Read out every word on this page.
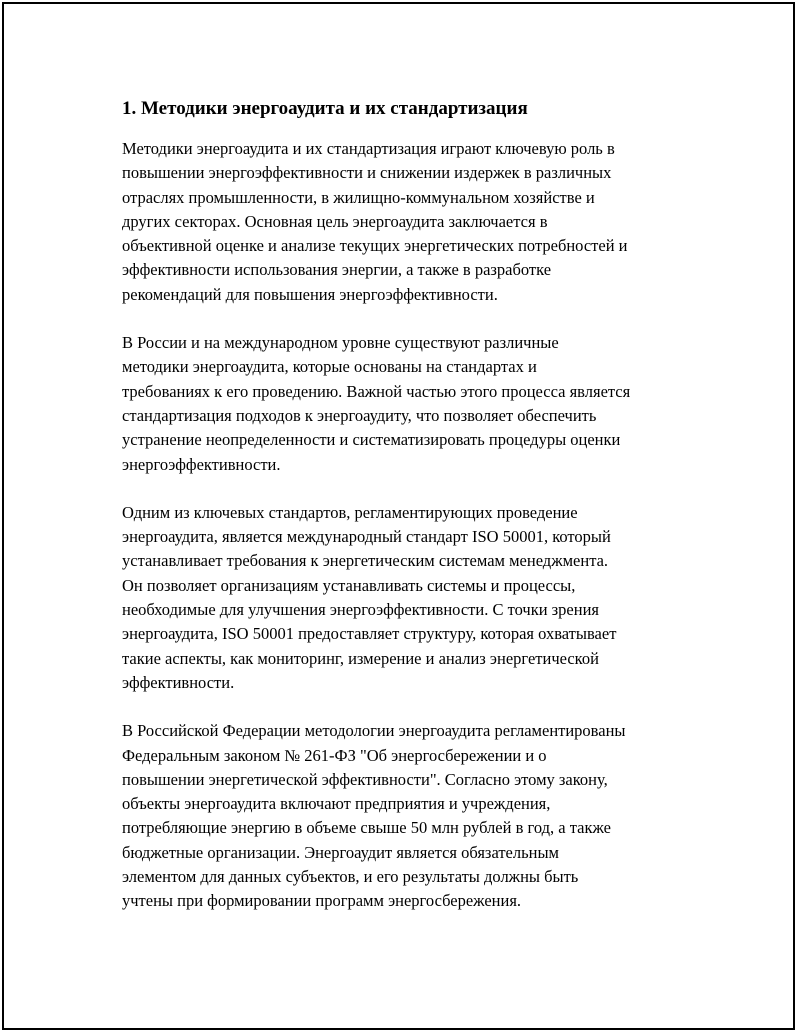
1. Методики энергоаудита и их стандартизация

Методики энергоаудита и их стандартизация играют ключевую роль в
повышении энергоэффективности и снижении издержек в различных
отраслях промышленности, в жилищно-коммунальном хозяйстве и
других секторах. Основная цель энергоаудита заключается в
объективной оценке и анализе текущих энергетических потребностей и
эффективности использования энергии, а также в разработке
рекомендаций для повышения энергоэффективности.

В России и на международном уровне существуют различные
методики энергоаудита, которые основаны на стандартах и
требованиях к его проведению. Важной частью этого процесса является
стандартизация подходов к энергоаудиту, что позволяет обеспечить
устранение неопределенности и систематизировать процедуры оценки
энергоэффективности.

Одним из ключевых стандартов, регламентирующих проведение
энергоаудита, является международный стандарт ISO 50001, который
устанавливает требования к энергетическим системам менеджмента.
Он позволяет организациям устанавливать системы и процессы,
необходимые для улучшения энергоэффективности. С точки зрения
энергоаудита, ISO 50001 предоставляет структуру, которая охватывает
такие аспекты, как мониторинг, измерение и анализ энергетической
эффективности.

В Российской Федерации методологии энергоаудита регламентированы
Федеральным законом № 261-ФЗ "Об энергосбережении и о
повышении энергетической эффективности". Согласно этому закону,
объекты энергоаудита включают предприятия и учреждения,
потребляющие энергию в объеме свыше 50 млн рублей в год, а также
бюджетные организации. Энергоаудит является обязательным
элементом для данных субъектов, и его результаты должны быть
учтены при формировании программ энергосбережения.
